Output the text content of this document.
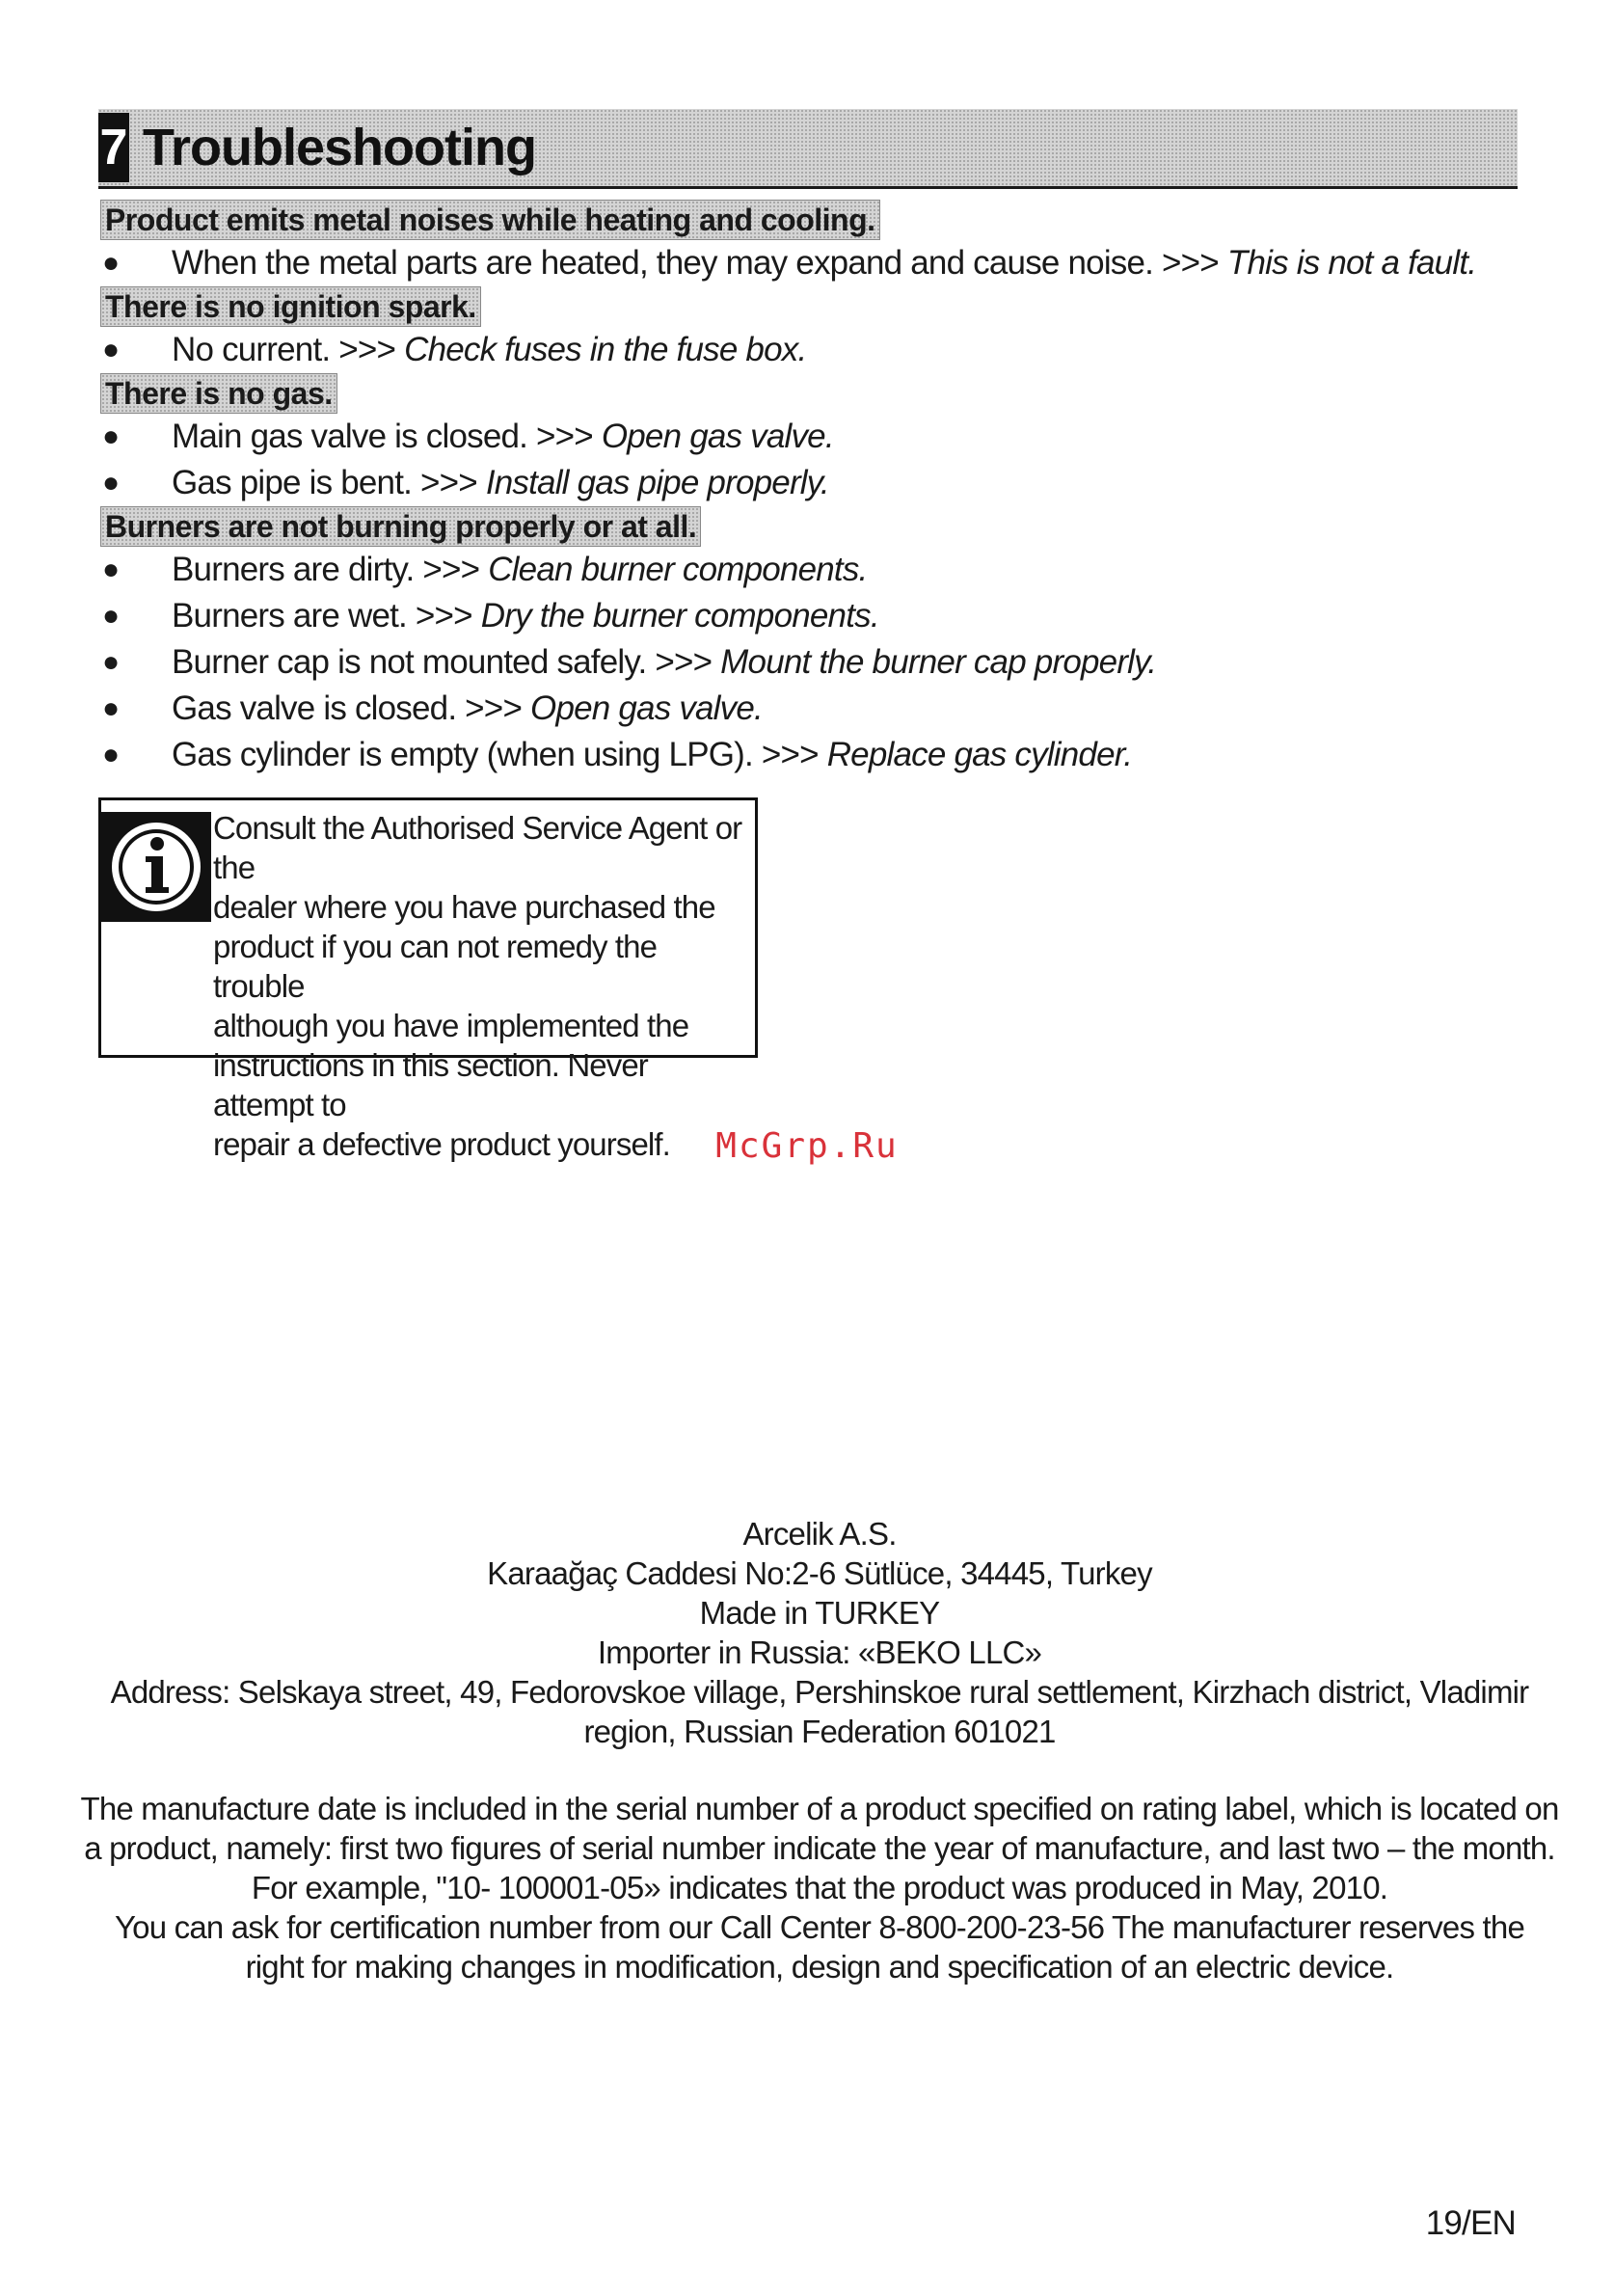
7 Troubleshooting
Product emits metal noises while heating and cooling.
● When the metal parts are heated, they may expand and cause noise. >>> This is not a fault.
There is no ignition spark.
● No current. >>> Check fuses in the fuse box.
There is no gas.
● Main gas valve is closed. >>> Open gas valve.
● Gas pipe is bent. >>> Install gas pipe properly.
Burners are not burning properly or at all.
● Burners are dirty. >>> Clean burner components.
● Burners are wet. >>> Dry the burner components.
● Burner cap is not mounted safely. >>> Mount the burner cap properly.
● Gas valve is closed. >>> Open gas valve.
● Gas cylinder is empty (when using LPG). >>> Replace gas cylinder.
Consult the Authorised Service Agent or the
dealer where you have purchased the
product if you can not remedy the trouble
although you have implemented the
instructions in this section. Never attempt to
repair a defective product yourself.	McGrp.Ru
Arcelik A.S.
Karaağaç Caddesi No:2-6 Sütlüce, 34445, Turkey
Made in TURKEY
Importer in Russia: «BEKO LLC»
Address: Selskaya street, 49, Fedorovskoe village, Pershinskoe rural settlement, Kirzhach district, Vladimir
region, Russian Federation 601021
The manufacture date is included in the serial number of a product specified on rating label, which is located on
a product, namely: first two figures of serial number indicate the year of manufacture, and last two – the month.
For example, "10- 100001-05» indicates that the product was produced in May, 2010.
You can ask for certification number from our Call Center 8-800-200-23-56 The manufacturer reserves the
right for making changes in modification, design and specification of an electric device.
19/EN
